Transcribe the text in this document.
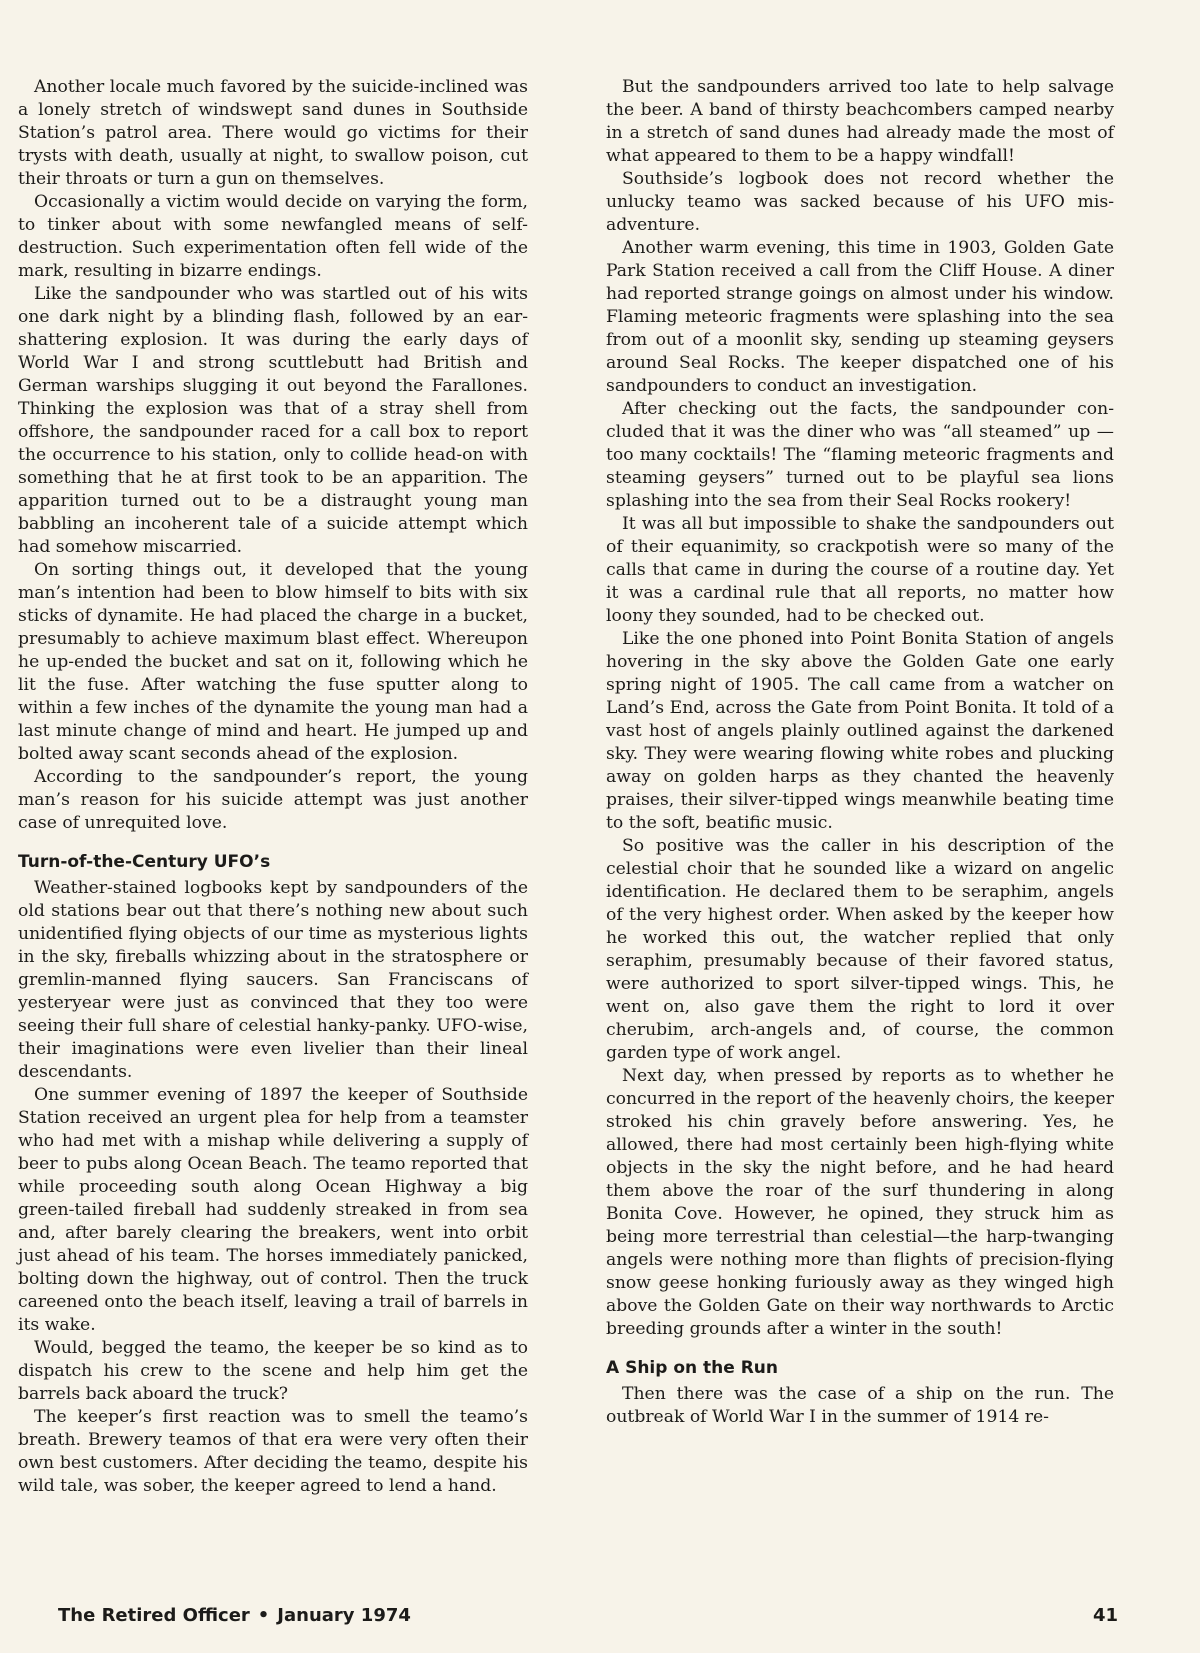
Another locale much favored by the suicide-inclined was a lonely stretch of windswept sand dunes in Southside Station’s patrol area. There would go victims for their trysts with death, usually at night, to swallow poison, cut their throats or turn a gun on themselves.

Occasionally a victim would decide on varying the form, to tinker about with some newfangled means of self-destruction. Such experimentation often fell wide of the mark, resulting in bizarre endings.

Like the sandpounder who was startled out of his wits one dark night by a blinding flash, followed by an ear-shattering explosion. It was during the early days of World War I and strong scuttlebutt had British and German warships slugging it out beyond the Farallones. Thinking the explosion was that of a stray shell from offshore, the sandpounder raced for a call box to report the occurrence to his station, only to collide head-on with something that he at first took to be an apparition. The apparition turned out to be a distraught young man babbling an incoherent tale of a suicide attempt which had somehow miscarried.

On sorting things out, it developed that the young man’s intention had been to blow himself to bits with six sticks of dynamite. He had placed the charge in a bucket, presumably to achieve maximum blast effect. Whereupon he up-ended the bucket and sat on it, following which he lit the fuse. After watching the fuse sputter along to within a few inches of the dynamite the young man had a last minute change of mind and heart. He jumped up and bolted away scant seconds ahead of the explosion.

According to the sandpounder’s report, the young man’s reason for his suicide attempt was just another case of unrequited love.

Turn-of-the-Century UFO’s

Weather-stained logbooks kept by sandpounders of the old stations bear out that there’s nothing new about such unidentified flying objects of our time as mysterious lights in the sky, fireballs whizzing about in the stratosphere or gremlin-manned flying saucers. San Franciscans of yesteryear were just as convinced that they too were seeing their full share of celestial hanky-panky. UFO-wise, their imaginations were even livelier than their lineal descendants.

One summer evening of 1897 the keeper of Southside Station received an urgent plea for help from a teamster who had met with a mishap while delivering a supply of beer to pubs along Ocean Beach. The teamo reported that while proceeding south along Ocean Highway a big green-tailed fireball had suddenly streaked in from sea and, after barely clearing the breakers, went into orbit just ahead of his team. The horses immediately panicked, bolting down the highway, out of control. Then the truck careened onto the beach itself, leaving a trail of barrels in its wake.

Would, begged the teamo, the keeper be so kind as to dispatch his crew to the scene and help him get the barrels back aboard the truck?

The keeper’s first reaction was to smell the teamo’s breath. Brewery teamos of that era were very often their own best customers. After deciding the teamo, despite his wild tale, was sober, the keeper agreed to lend a hand.

But the sandpounders arrived too late to help salvage the beer. A band of thirsty beachcombers camped nearby in a stretch of sand dunes had already made the most of what appeared to them to be a happy windfall!

Southside’s logbook does not record whether the unlucky teamo was sacked because of his UFO misadventure.

Another warm evening, this time in 1903, Golden Gate Park Station received a call from the Cliff House. A diner had reported strange goings on almost under his window. Flaming meteoric fragments were splashing into the sea from out of a moonlit sky, sending up steaming geysers around Seal Rocks. The keeper dispatched one of his sandpounders to conduct an investigation.

After checking out the facts, the sandpounder concluded that it was the diner who was “all steamed” up —too many cocktails! The “flaming meteoric fragments and steaming geysers” turned out to be playful sea lions splashing into the sea from their Seal Rocks rookery!

It was all but impossible to shake the sandpounders out of their equanimity, so crackpotish were so many of the calls that came in during the course of a routine day. Yet it was a cardinal rule that all reports, no matter how loony they sounded, had to be checked out.

Like the one phoned into Point Bonita Station of angels hovering in the sky above the Golden Gate one early spring night of 1905. The call came from a watcher on Land’s End, across the Gate from Point Bonita. It told of a vast host of angels plainly outlined against the darkened sky. They were wearing flowing white robes and plucking away on golden harps as they chanted the heavenly praises, their silver-tipped wings meanwhile beating time to the soft, beatific music.

So positive was the caller in his description of the celestial choir that he sounded like a wizard on angelic identification. He declared them to be seraphim, angels of the very highest order. When asked by the keeper how he worked this out, the watcher replied that only seraphim, presumably because of their favored status, were authorized to sport silver-tipped wings. This, he went on, also gave them the right to lord it over cherubim, arch-angels and, of course, the common garden type of work angel.

Next day, when pressed by reports as to whether he concurred in the report of the heavenly choirs, the keeper stroked his chin gravely before answering. Yes, he allowed, there had most certainly been high-flying white objects in the sky the night before, and he had heard them above the roar of the surf thundering in along Bonita Cove. However, he opined, they struck him as being more terrestrial than celestial—the harp-twanging angels were nothing more than flights of precision-flying snow geese honking furiously away as they winged high above the Golden Gate on their way northwards to Arctic breeding grounds after a winter in the south!

A Ship on the Run

Then there was the case of a ship on the run. The outbreak of World War I in the summer of 1914 re-

The Retired Officer • January 1974	41
